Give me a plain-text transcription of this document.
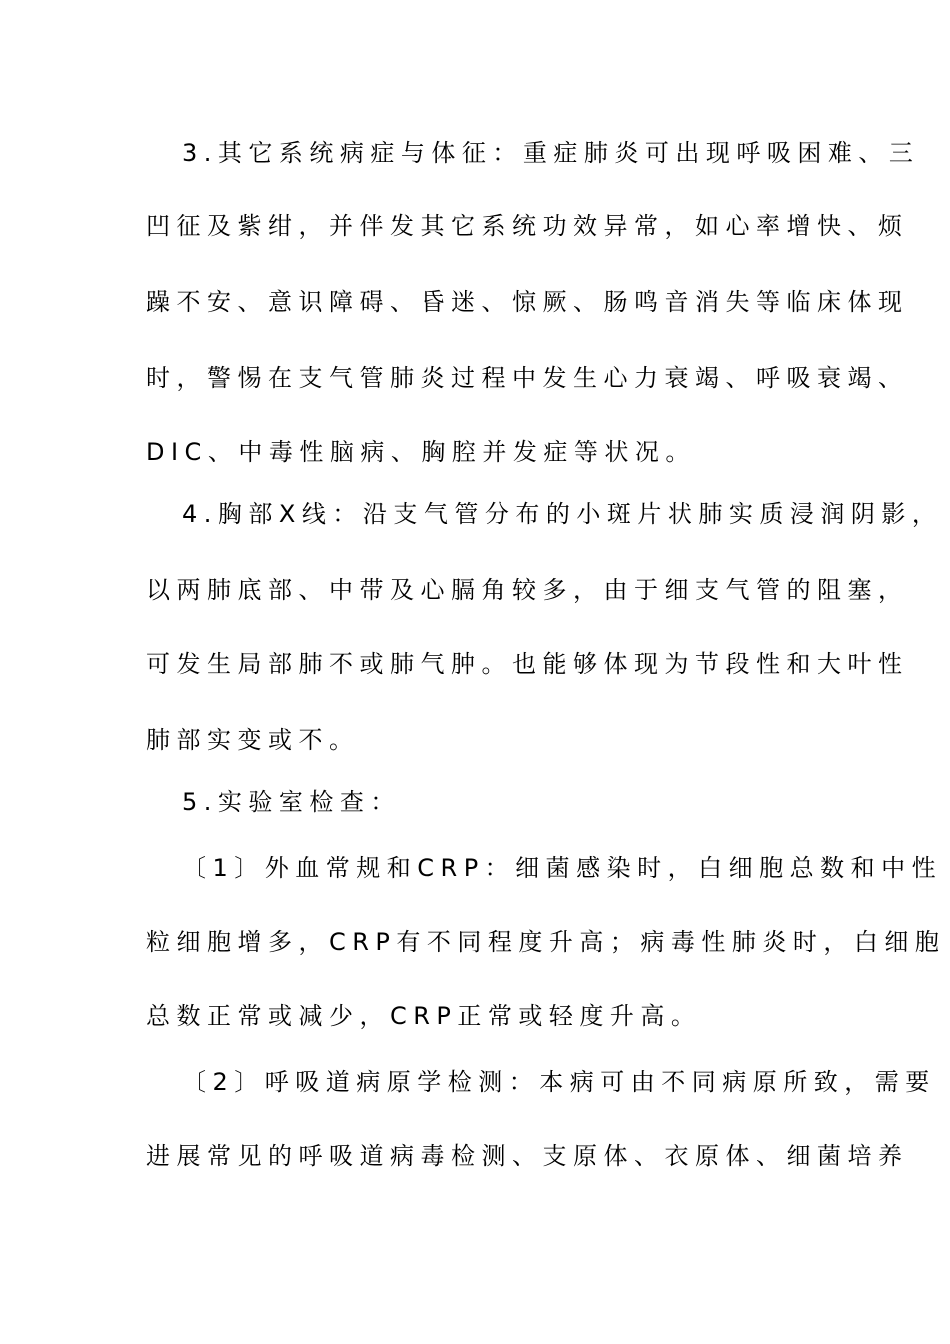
3.其它系统病症与体征：重症肺炎可出现呼吸困难、三
凹征及紫绀，并伴发其它系统功效异常，如心率增快、烦
躁不安、意识障碍、昏迷、惊厥、肠鸣音消失等临床体现
时，警惕在支气管肺炎过程中发生心力衰竭、呼吸衰竭、
DIC、中毒性脑病、胸腔并发症等状况。
4.胸部X线：沿支气管分布的小斑片状肺实质浸润阴影，
以两肺底部、中带及心膈角较多，由于细支气管的阻塞，
可发生局部肺不或肺气肿。也能够体现为节段性和大叶性
肺部实变或不。
5.实验室检查：
〔1〕外血常规和CRP：细菌感染时，白细胞总数和中性
粒细胞增多，CRP有不同程度升高；病毒性肺炎时，白细胞
总数正常或减少，CRP正常或轻度升高。
〔2〕呼吸道病原学检测：本病可由不同病原所致，需要
进展常见的呼吸道病毒检测、支原体、衣原体、细菌培养
